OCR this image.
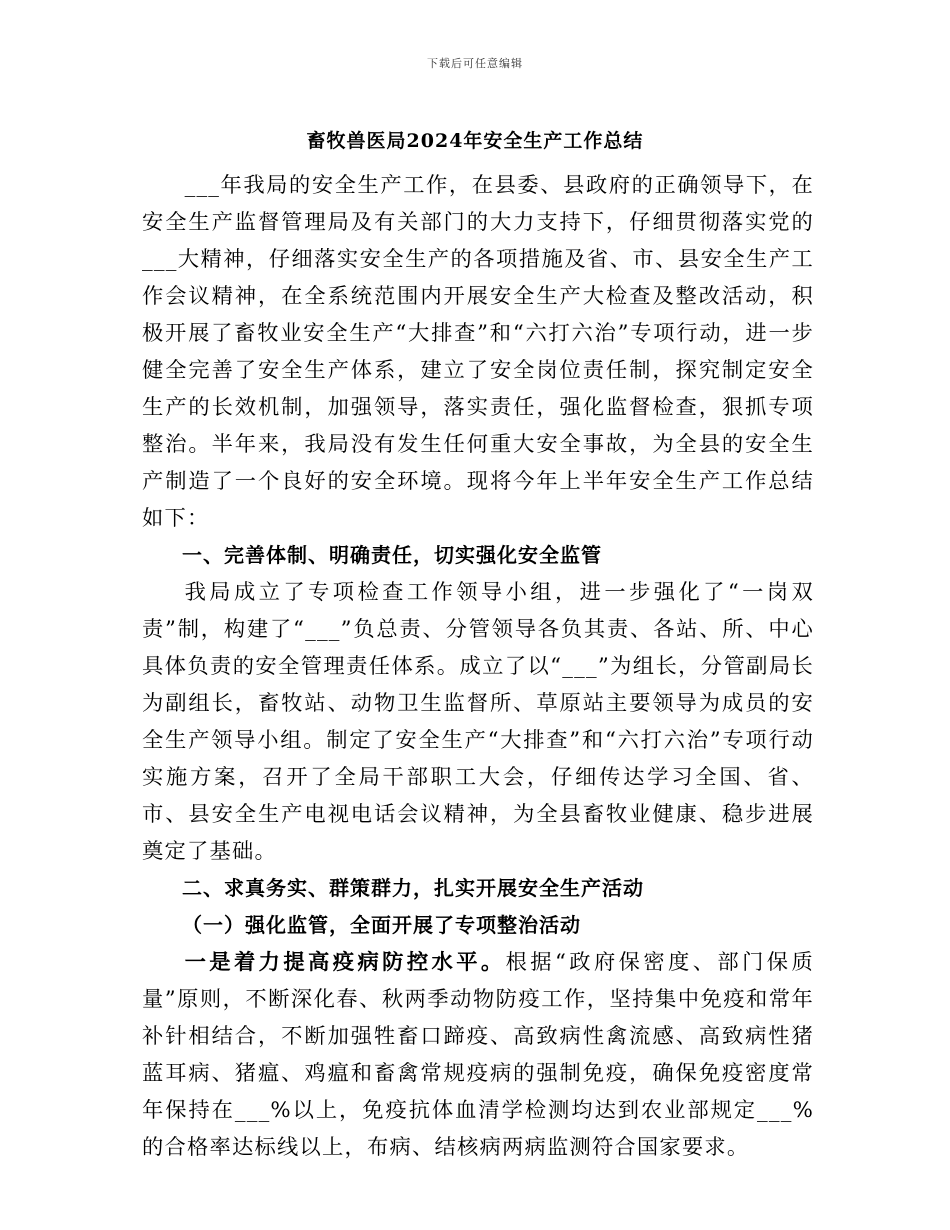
下载后可任意编辑
畜牧兽医局2024年安全生产工作总结

___年我局的安全生产工作，在县委、县政府的正确领导下，在安全生产监督管理局及有关部门的大力支持下，仔细贯彻落实党的___大精神，仔细落实安全生产的各项措施及省、市、县安全生产工作会议精神，在全系统范围内开展安全生产大检查及整改活动，积极开展了畜牧业安全生产“大排查”和“六打六治”专项行动，进一步健全完善了安全生产体系，建立了安全岗位责任制，探究制定安全生产的长效机制，加强领导，落实责任，强化监督检查，狠抓专项整治。半年来，我局没有发生任何重大安全事故，为全县的安全生产制造了一个良好的安全环境。现将今年上半年安全生产工作总结如下：

一、完善体制、明确责任，切实强化安全监管

我局成立了专项检查工作领导小组，进一步强化了“一岗双责”制，构建了“___”负总责、分管领导各负其责、各站、所、中心具体负责的安全管理责任体系。成立了以“___”为组长，分管副局长为副组长，畜牧站、动物卫生监督所、草原站主要领导为成员的安全生产领导小组。制定了安全生产“大排查”和“六打六治”专项行动实施方案，召开了全局干部职工大会，仔细传达学习全国、省、市、县安全生产电视电话会议精神，为全县畜牧业健康、稳步进展奠定了基础。

二、求真务实、群策群力，扎实开展安全生产活动

（一）强化监管，全面开展了专项整治活动

一是着力提高疫病防控水平。根据“政府保密度、部门保质量”原则，不断深化春、秋两季动物防疫工作，坚持集中免疫和常年补针相结合，不断加强牲畜口蹄疫、高致病性禽流感、高致病性猪蓝耳病、猪瘟、鸡瘟和畜禽常规疫病的强制免疫，确保免疫密度常年保持在___%以上，免疫抗体血清学检测均达到农业部规定___%的合格率达标线以上，布病、结核病两病监测符合国家要求。
